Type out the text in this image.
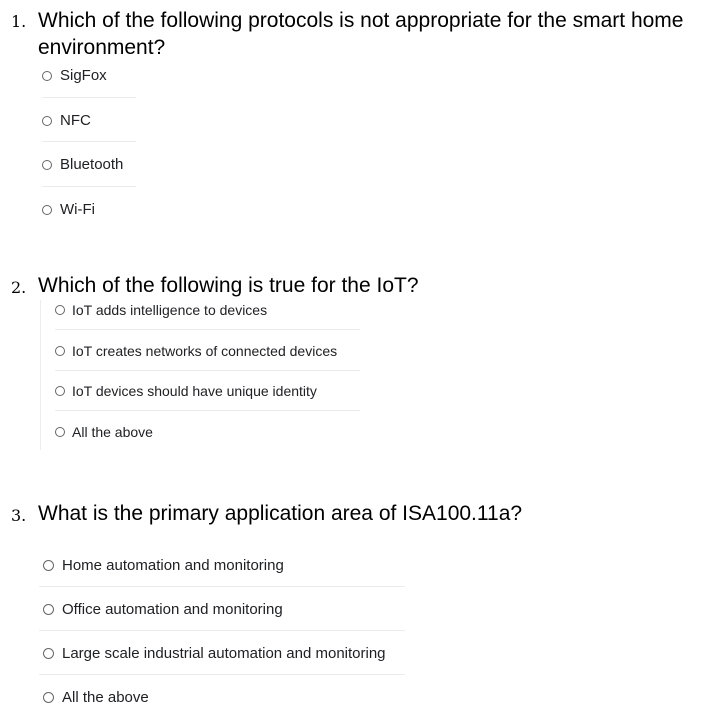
1. Which of the following protocols is not appropriate for the smart home environment?
SigFox
NFC
Bluetooth
Wi-Fi
2. Which of the following is true for the IoT?
IoT adds intelligence to devices
IoT creates networks of connected devices
IoT devices should have unique identity
All the above
3. What is the primary application area of ISA100.11a?
Home automation and monitoring
Office automation and monitoring
Large scale industrial automation and monitoring
All the above
